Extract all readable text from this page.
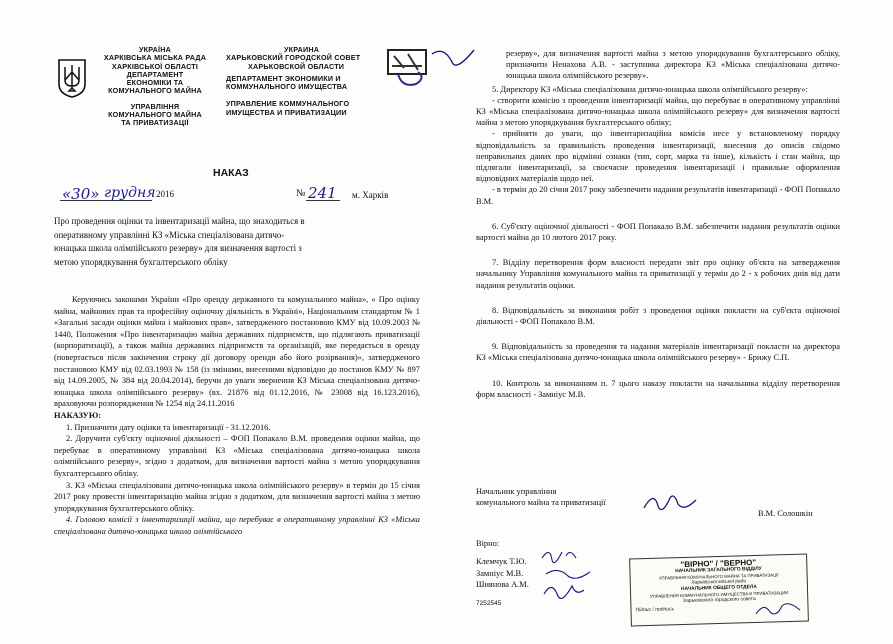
УКРАЇНА
ХАРКІВСЬКА МІСЬКА РАДА
ХАРКІВСЬКОЇ ОБЛАСТІ
ДЕПАРТАМЕНТ
ЕКОНОМІКИ ТА
КОМУНАЛЬНОГО МАЙНА
УПРАВЛІННЯ
КОМУНАЛЬНОГО МАЙНА
ТА ПРИВАТИЗАЦІЇ
УКРАИНА
ХАРЬКОВСКИЙ ГОРОДСКОЙ СОВЕТ
ХАРЬКОВСКОЙ ОБЛАСТИ
ДЕПАРТАМЕНТ ЭКОНОМИКИ И
КОММУНАЛЬНОГО ИМУЩЕСТВА
УПРАВЛЕНИЕ КОММУНАЛЬНОГО
ИМУЩЕСТВА И ПРИВАТИЗАЦИИ
НАКАЗ
«30» грудня 2016	№ 241 м. Харків
Про проведення оцінки та інвентаризації майна, що знаходиться в оперативному управлінні КЗ «Міська спеціалізована дитячо-юнацька школа олімпійського резерву» для визначення вартості з метою упорядкування бухгалтерського обліку

Керуючись законами України «Про оренду державного та комунального майна», « Про оцінку майна, майнових прав та професійну оціночну діяльність в Україні», Національним стандартом № 1 «Загальні засади оцінки майна і майнових прав», затвердженого постановою КМУ від 10.09.2003 № 1440, Положення «Про інвентаризацію майна державних підприємств, що підлягають приватизації (корпоратизації), а також майна державних підприємств та організацій, яке передається в оренду (повертається після закінчення строку дії договору оренди або його розірвання)», затвердженого постановою КМУ від 02.03.1993 № 158 (із змінами, внесеними відповідно до постанов КМУ № 897 від 14.09.2005, № 384 від 20.04.2014), беручи до уваги звернення КЗ Міська спеціалізована дитячо-юнацька школа олімпійського резерву» (вх. 21876 від 01.12.2016, № 23008 від 16.123.2016), враховуючи розпорядження № 1254 від 24.11.2016

НАКАЗУЮ:

1. Призначити дату оцінки та інвентаризації - 31.12.2016.

2. Доручити суб'єкту оціночної діяльності – ФОП Попакало В.М. проведення оцінки майна, що перебуває в оперативному управлінні КЗ «Міська спеціалізована дитячо-юнацька школа олімпійського резерву», згідно з додатком, для визначення вартості майна з метою упорядкування бухгалтерського обліку.

3. КЗ «Міська спеціалізована дитячо-юнацька школа олімпійського резерву» в термін до 15 січня 2017 року провести інвентаризацію майна згідно з додатком, для визначення вартості майна з метою упорядкування бухгалтерського обліку.

4. Головою комісії з інвентаризації майна, що перебуває в оперативному управлінні КЗ «Міська спеціалізована дитячо-юнацька школа олімпійського

резерву», для визначення вартості майна з метою упорядкування бухгалтерського обліку, призначити Ненахова А.В. - заступника директора КЗ «Міська спеціалізована дитячо-юнацька школа олімпійського резерву».

5. Директору КЗ «Міська спеціалізована дитячо-юнацька школа олімпійського резерву»:

- створити комісію з проведення інвентаризації майна, що перебуває в оперативному управлінні КЗ «Міська спеціалізована дитячо-юнацька школа олімпійського резерву» для визначення вартості майна з метою упорядкування бухгалтерського обліку;

- прийняти до уваги, що інвентаризаційна комісія несе у встановленому порядку відповідальність за правильність проведення інвентаризації, внесення до описів свідомо неправильних даних про відмінні ознаки (тип, сорт, марка та інше), кількість і стан майна, що підлягали інвентаризації, за своєчасне проведення інвентаризації і правильне оформлення відповідних матеріалів щодо неї.

- в термін до 20 січня 2017 року забезпечити надання результатів інвентаризації - ФОП Попакало В.М.

6. Суб'єкту оціночної діяльності - ФОП Попакало В.М. забезпечити надання результатів оцінки вартості майна до 10 лютого 2017 року.

7. Відділу перетворення форм власності передати звіт про оцінку об'єкта на затвердження начальнику Управління комунального майна та приватизації у термін до 2 - х робочих днів від дати надання результатів оцінки.

8. Відповідальність за виконання робіт з проведення оцінки покласти на суб'єкта оціночної діяльності - ФОП Попакало В.М.

9. Відповідальність за проведення та надання матеріалів інвентаризації покласти на директора КЗ «Міська спеціалізована дитячо-юнацька школа олімпійського резерву» - Брижу С.П.

10. Контроль за виконанням п. 7 цього наказу покласти на начальника відділу перетворення форм власності - Замніус М.В.

Начальник управління комунального майна та приватизації
В.М. Солошкін
Вірно:
Клемчук Т.Ю.
Замніус М.В.
Шиянова А.М.
7252545
"ВІРНО" / "ВЕРНО"
НАЧАЛЬНИК ЗАГАЛЬНОГО ВІДДІЛУ
УПРАВЛІННЯ КОМУНАЛЬНОГО МАЙНА ТА ПРИВАТИЗАЦІЇ
Харківської міської ради
НАЧАЛЬНИК ОБЩЕГО ОТДЕЛА
УПРАВЛЕНИЯ КОММУНАЛЬНОГО ИМУЩЕСТВА И ПРИВАТИЗАЦИИ
Харьковского городского совета
Підпис / подпись
